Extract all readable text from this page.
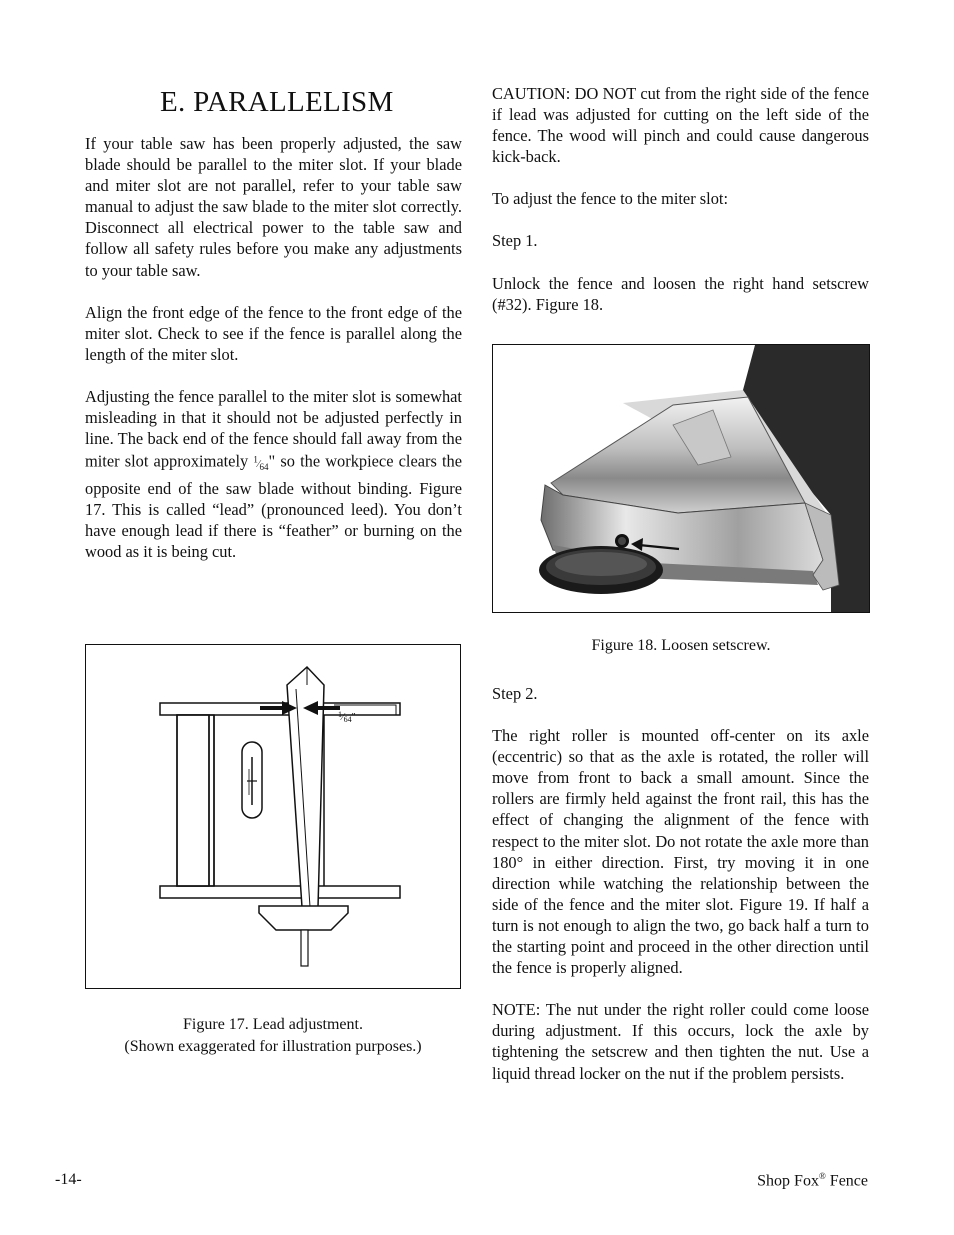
E. PARALLELISM

If your table saw has been properly adjusted, the saw blade should be parallel to the miter slot. If your blade and miter slot are not parallel, refer to your table saw manual to adjust the saw blade to the miter slot correctly. Disconnect all electrical power to the table saw and follow all safety rules before you make any adjustments to your table saw.

Align the front edge of the fence to the front edge of the miter slot. Check to see if the fence is parallel along the length of the miter slot.

Adjusting the fence parallel to the miter slot is somewhat misleading in that it should not be adjusted perfectly in line. The back end of the fence should fall away from the miter slot approximately $^1⁄_{64}$" so the workpiece clears the opposite end of the saw blade without binding. Figure 17. This is called “lead” (pronounced leed). You don’t have enough lead if there is “feather” or burning on the wood as it is being cut.

$^1⁄_{64}$"
Figure 17. Lead adjustment.
(Shown exaggerated for illustration purposes.)

CAUTION: DO NOT cut from the right side of the fence if lead was adjusted for cutting on the left side of the fence. The wood will pinch and could cause dangerous kick-back.

To adjust the fence to the miter slot:

Step 1.

Unlock the fence and loosen the right hand setscrew (#32). Figure 18.

Figure 18. Loosen setscrew.

Step 2.

The right roller is mounted off-center on its axle (eccentric) so that as the axle is rotated, the roller will move from front to back a small amount. Since the rollers are firmly held against the front rail, this has the effect of changing the alignment of the fence with respect to the miter slot. Do not rotate the axle more than 180° in either direction. First, try moving it in one direction while watching the relationship between the side of the fence and the miter slot. Figure 19. If half a turn is not enough to align the two, go back half a turn to the starting point and proceed in the other direction until the fence is properly aligned.

NOTE: The nut under the right roller could come loose during adjustment. If this occurs, lock the axle by tightening the setscrew and then tighten the nut. Use a liquid thread locker on the nut if the problem persists.

-14-	Shop Fox® Fence
